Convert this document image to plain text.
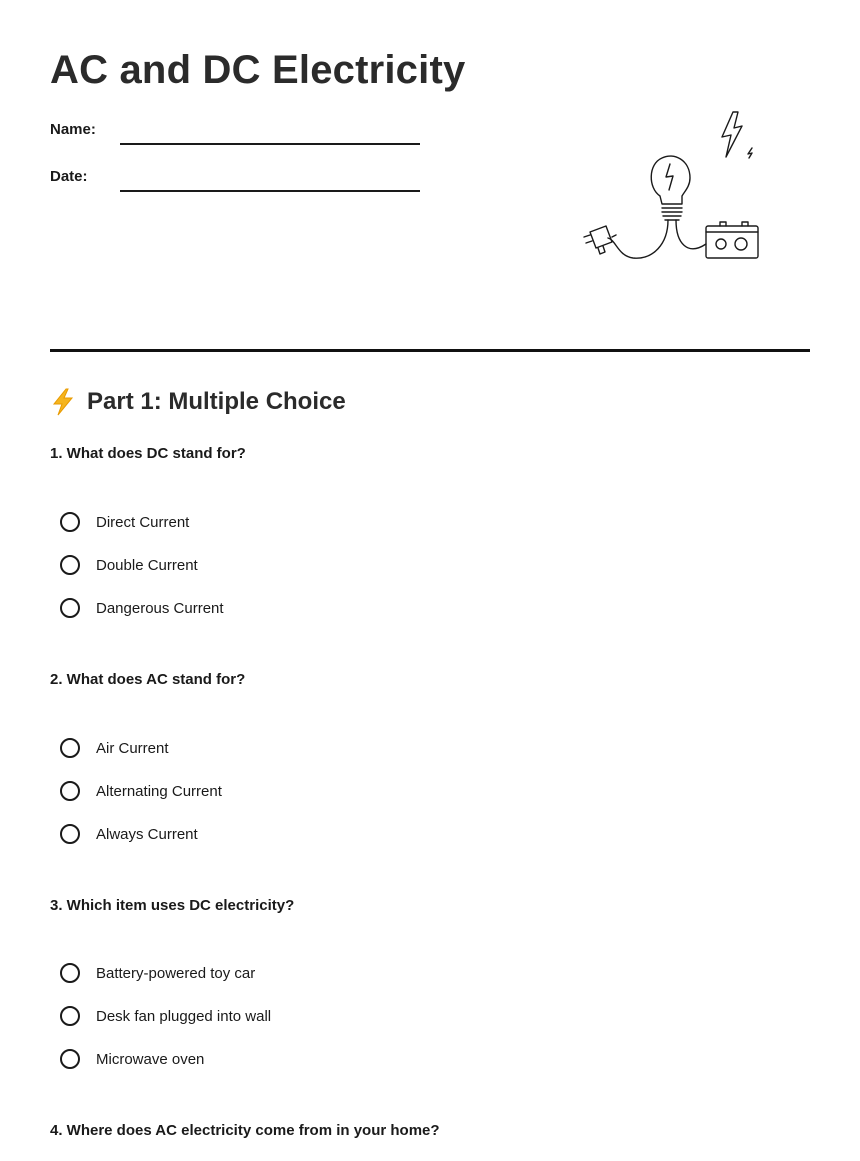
AC and DC Electricity
Name:
Date:
Part 1: Multiple Choice

1. What does DC stand for?

Direct Current
Double Current
Dangerous Current

2. What does AC stand for?

Air Current
Alternating Current
Always Current

3. Which item uses DC electricity?

Battery-powered toy car
Desk fan plugged into wall
Microwave oven

4. Where does AC electricity come from in your home?
